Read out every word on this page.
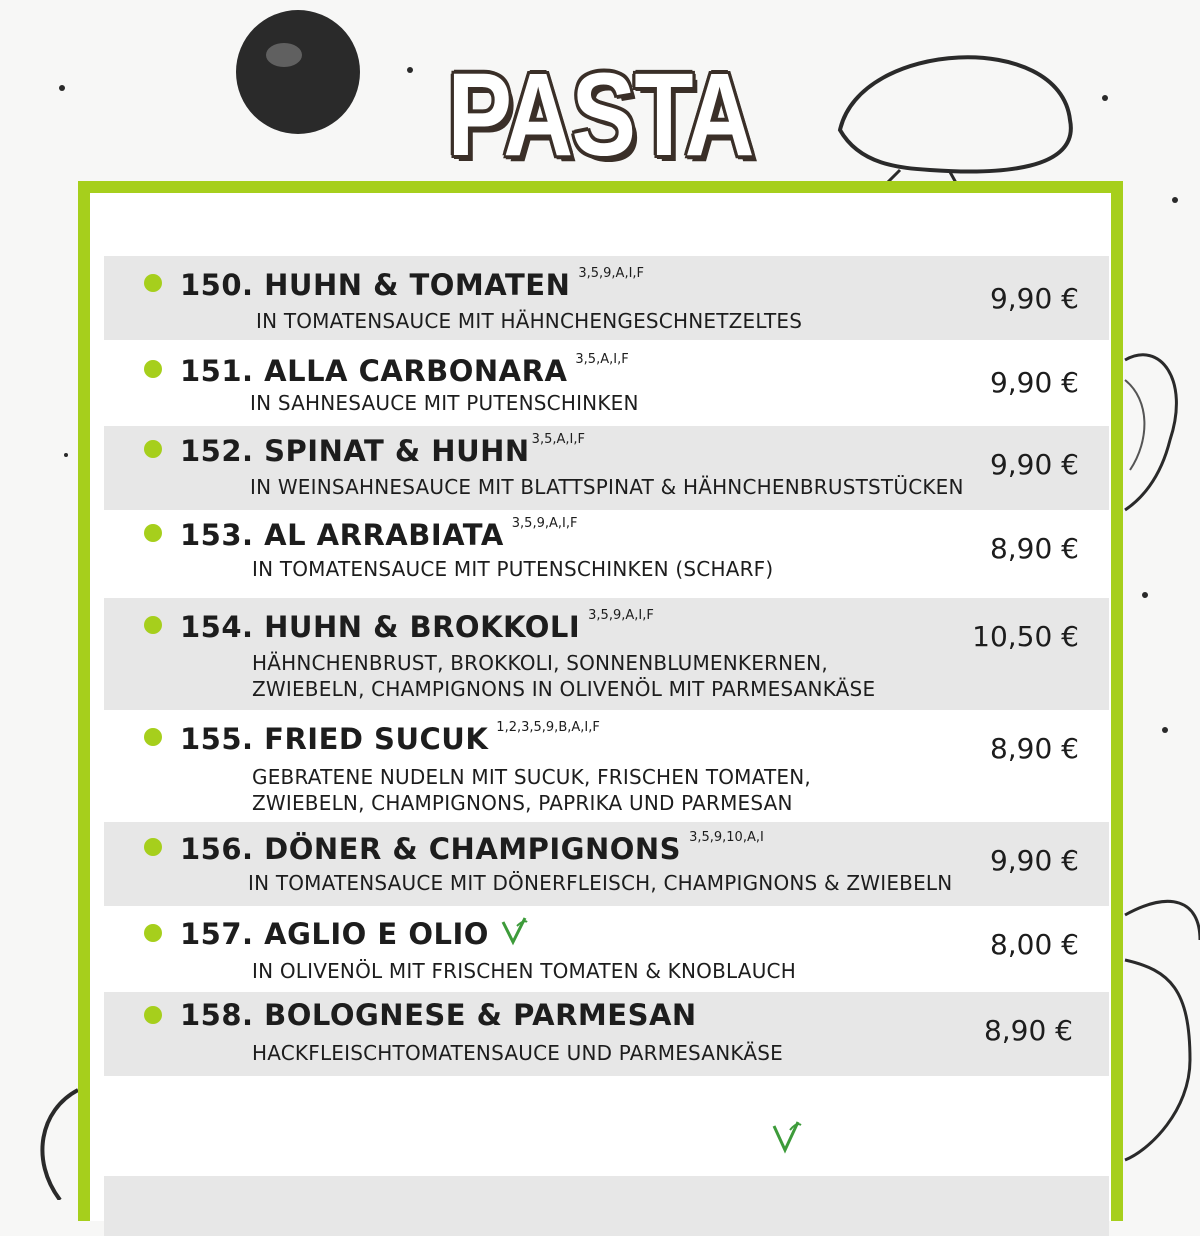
PASTA
150. HUHN & TOMATEN $^{3,5,9,A,I,F}$
IN TOMATENSAUCE MIT HÄHNCHENGESCHNETZELTES
9,90 €
151. ALLA CARBONARA $^{3,5,A,I,F}$
IN SAHNESAUCE MIT PUTENSCHINKEN
9,90 €
152. SPINAT & HUHN $^{3,5,A,I,F}$
IN WEINSAHNESAUCE MIT BLATTSPINAT & HÄHNCHENBRUSTSTÜCKEN
9,90 €
153. AL ARRABIATA $^{3,5,9,A,I,F}$
IN TOMATENSAUCE MIT PUTENSCHINKEN (SCHARF)
8,90 €
154. HUHN & BROKKOLI $^{3,5,9,A,I,F}$
HÄHNCHENBRUST, BROKKOLI, SONNENBLUMENKERNEN,
ZWIEBELN, CHAMPIGNONS IN OLIVENÖL MIT PARMESANKÄSE
10,50 €
155. FRIED SUCUK $^{1,2,3,5,9,B,A,I,F}$
GEBRATENE NUDELN MIT SUCUK, FRISCHEN TOMATEN,
ZWIEBELN, CHAMPIGNONS, PAPRIKA UND PARMESAN
8,90 €
156. DÖNER & CHAMPIGNONS $^{3,5,9,10,A,I}$
IN TOMATENSAUCE MIT DÖNERFLEISCH, CHAMPIGNONS & ZWIEBELN
9,90 €
157. AGLIO E OLIO
IN OLIVENÖL MIT FRISCHEN TOMATEN & KNOBLAUCH
8,00 €
158. BOLOGNESE & PARMESAN
HACKFLEISCHTOMATENSAUCE UND PARMESANKÄSE
8,90 €
